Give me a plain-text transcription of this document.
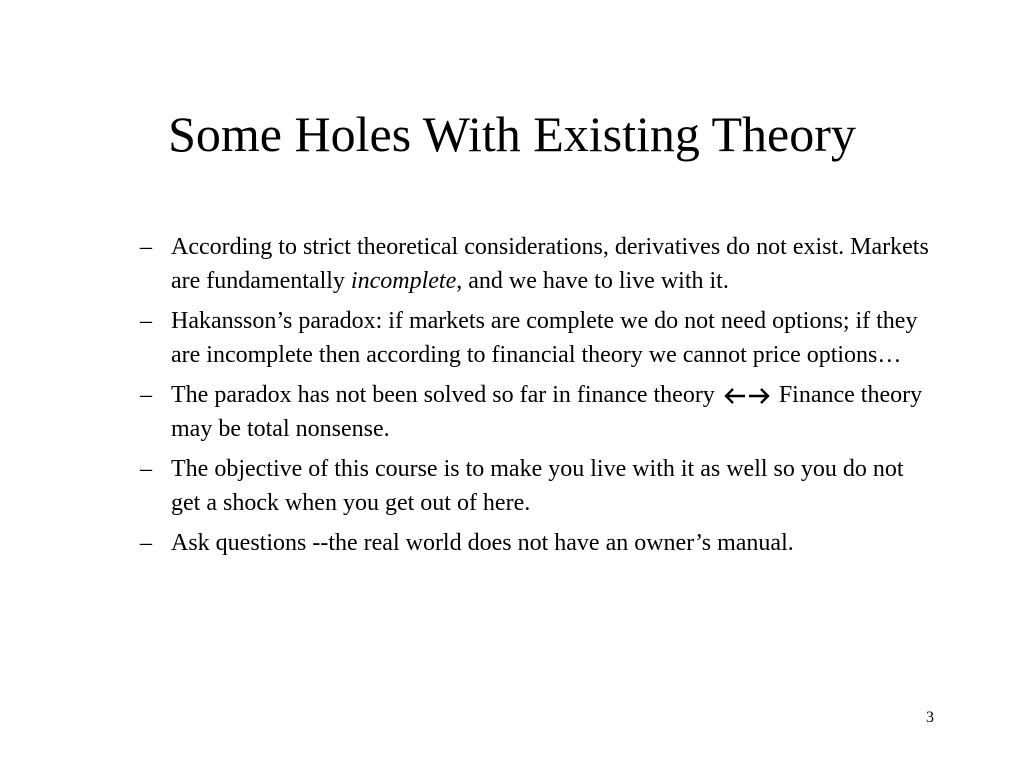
Some Holes With Existing Theory
– According to strict theoretical considerations, derivatives do not exist. Markets are fundamentally incomplete, and we have to live with it.
– Hakansson’s paradox: if markets are complete we do not need options; if they are incomplete then according to financial theory we cannot price options…
– The paradox has not been solved so far in finance theory
Finance theory may be total nonsense.
– The objective of this course is to make you live with it as well so you do not get a shock when you get out of here.
– Ask questions --the real world does not have an owner’s manual.
3
